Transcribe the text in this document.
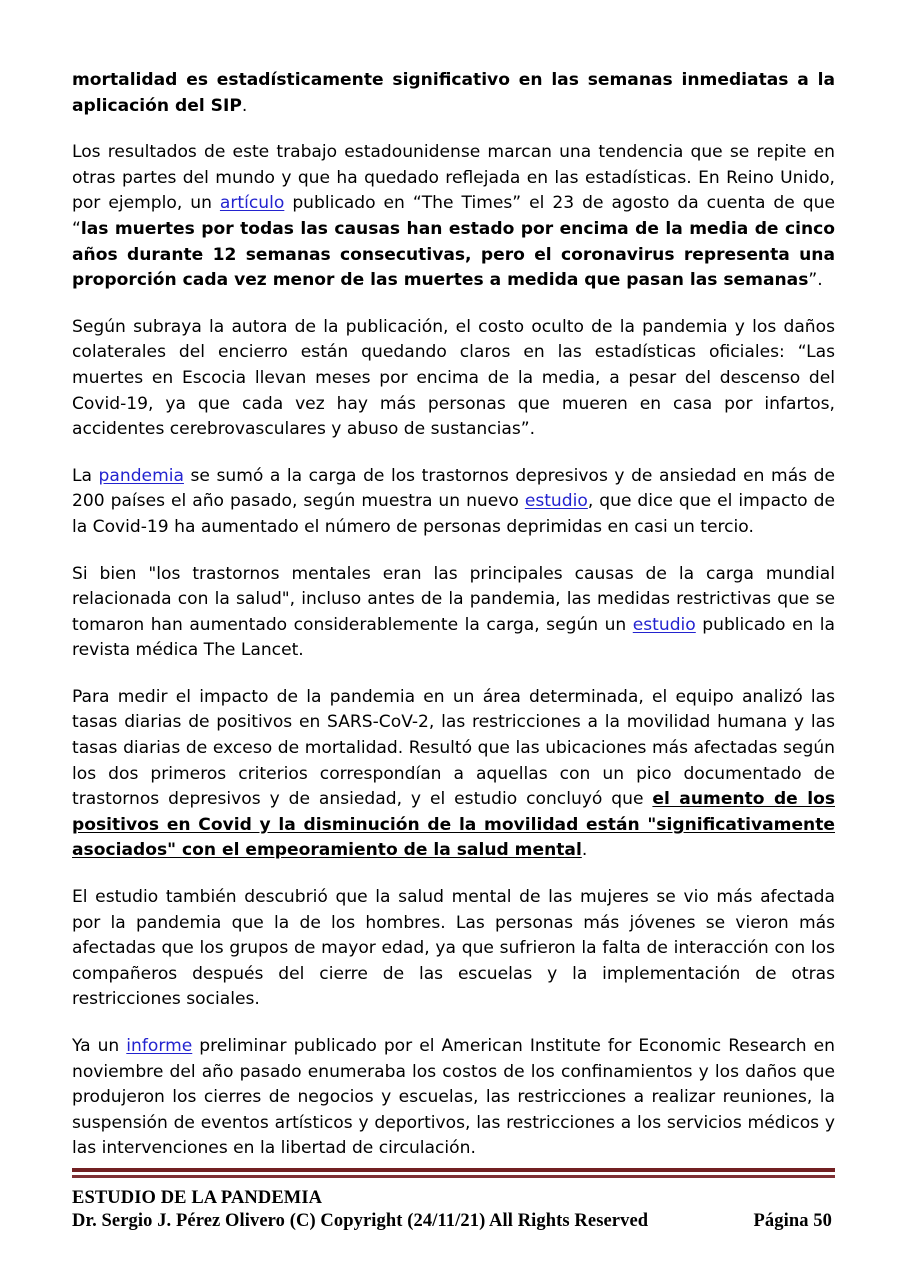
mortalidad es estadísticamente significativo en las semanas inmediatas a la aplicación del SIP.

Los resultados de este trabajo estadounidense marcan una tendencia que se repite en otras partes del mundo y que ha quedado reflejada en las estadísticas. En Reino Unido, por ejemplo, un artículo publicado en “The Times” el 23 de agosto da cuenta de que “las muertes por todas las causas han estado por encima de la media de cinco años durante 12 semanas consecutivas, pero el coronavirus representa una proporción cada vez menor de las muertes a medida que pasan las semanas”.

Según subraya la autora de la publicación, el costo oculto de la pandemia y los daños colaterales del encierro están quedando claros en las estadísticas oficiales: “Las muertes en Escocia llevan meses por encima de la media, a pesar del descenso del Covid-19, ya que cada vez hay más personas que mueren en casa por infartos, accidentes cerebrovasculares y abuso de sustancias”.

La pandemia se sumó a la carga de los trastornos depresivos y de ansiedad en más de 200 países el año pasado, según muestra un nuevo estudio, que dice que el impacto de la Covid-19 ha aumentado el número de personas deprimidas en casi un tercio.

Si bien "los trastornos mentales eran las principales causas de la carga mundial relacionada con la salud", incluso antes de la pandemia, las medidas restrictivas que se tomaron han aumentado considerablemente la carga, según un estudio publicado en la revista médica The Lancet.

Para medir el impacto de la pandemia en un área determinada, el equipo analizó las tasas diarias de positivos en SARS-CoV-2, las restricciones a la movilidad humana y las tasas diarias de exceso de mortalidad. Resultó que las ubicaciones más afectadas según los dos primeros criterios correspondían a aquellas con un pico documentado de trastornos depresivos y de ansiedad, y el estudio concluyó que el aumento de los positivos en Covid y la disminución de la movilidad están "significativamente asociados" con el empeoramiento de la salud mental.

El estudio también descubrió que la salud mental de las mujeres se vio más afectada por la pandemia que la de los hombres. Las personas más jóvenes se vieron más afectadas que los grupos de mayor edad, ya que sufrieron la falta de interacción con los compañeros después del cierre de las escuelas y la implementación de otras restricciones sociales.

Ya un informe preliminar publicado por el American Institute for Economic Research en noviembre del año pasado enumeraba los costos de los confinamientos y los daños que produjeron los cierres de negocios y escuelas, las restricciones a realizar reuniones, la suspensión de eventos artísticos y deportivos, las restricciones a los servicios médicos y las intervenciones en la libertad de circulación.

ESTUDIO DE LA PANDEMIA
Dr. Sergio J. Pérez Olivero (C) Copyright (24/11/21) All Rights Reserved	Página 50
